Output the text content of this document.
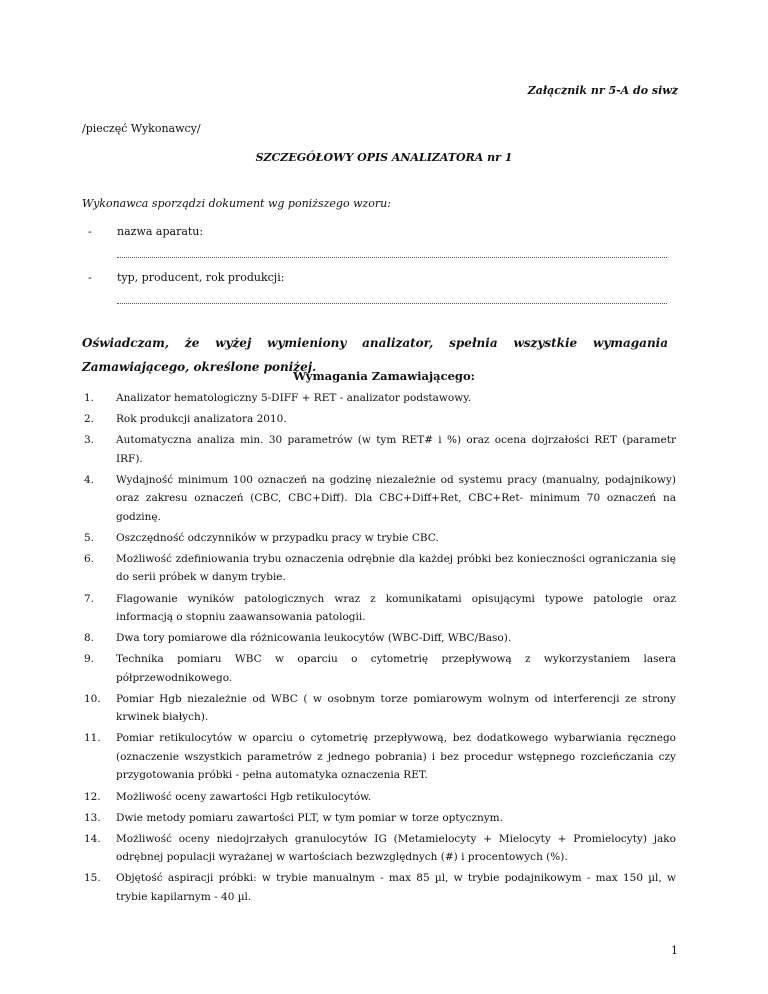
Załącznik nr 5-A do siwz
/pieczęć Wykonawcy/
SZCZEGÓŁOWY OPIS ANALIZATORA nr 1
Wykonawca sporządzi dokument wg poniższego wzoru:
- nazwa aparatu:
- typ, producent, rok produkcji:
Oświadczam, że wyżej wymieniony analizator, spełnia wszystkie wymagania
Zamawiającego, określone poniżej.
Wymagania Zamawiającego:
1.	Analizator hematologiczny 5-DIFF + RET - analizator podstawowy.
2.	Rok produkcji analizatora 2010.
3.	Automatyczna analiza min. 30 parametrów (w tym RET# i %) oraz ocena dojrzałości RET (parametr IRF).
4.	Wydajność minimum 100 oznaczeń na godzinę niezależnie od systemu pracy (manualny, podajnikowy) oraz zakresu oznaczeń (CBC, CBC+Diff). Dla CBC+Diff+Ret, CBC+Ret- minimum 70 oznaczeń na godzinę.
5.	Oszczędność odczynników w przypadku pracy w trybie CBC.
6.	Możliwość zdefiniowania trybu oznaczenia odrębnie dla każdej próbki bez konieczności ograniczania się do serii próbek w danym trybie.
7.	Flagowanie wyników patologicznych wraz z komunikatami opisującymi typowe patologie oraz informacją o stopniu zaawansowania patologii.
8.	Dwa tory pomiarowe dla różnicowania leukocytów (WBC-Diff, WBC/Baso).
9.	Technika pomiaru WBC w oparciu o cytometrię przepływową z wykorzystaniem lasera półprzewodnikowego.
10.	Pomiar Hgb niezależnie od WBC ( w osobnym torze pomiarowym wolnym od interferencji ze strony krwinek białych).
11.	Pomiar retikulocytów w oparciu o cytometrię przepływową, bez dodatkowego wybarwiania ręcznego (oznaczenie wszystkich parametrów z jednego pobrania) i bez procedur wstępnego rozcieńczania czy przygotowania próbki - pełna automatyka oznaczenia RET.
12.	Możliwość oceny zawartości Hgb retikulocytów.
13.	Dwie metody pomiaru zawartości PLT, w tym pomiar w torze optycznym.
14.	Możliwość oceny niedojrzałych granulocytów IG (Metamielocyty + Mielocyty + Promielocyty) jako odrębnej populacji wyrażanej w wartościach bezwzględnych (#) i procentowych (%).
15.	Objętość aspiracji próbki: w trybie manualnym - max 85 µl, w trybie podajnikowym - max 150 µl, w trybie kapilarnym - 40 µl.
1
